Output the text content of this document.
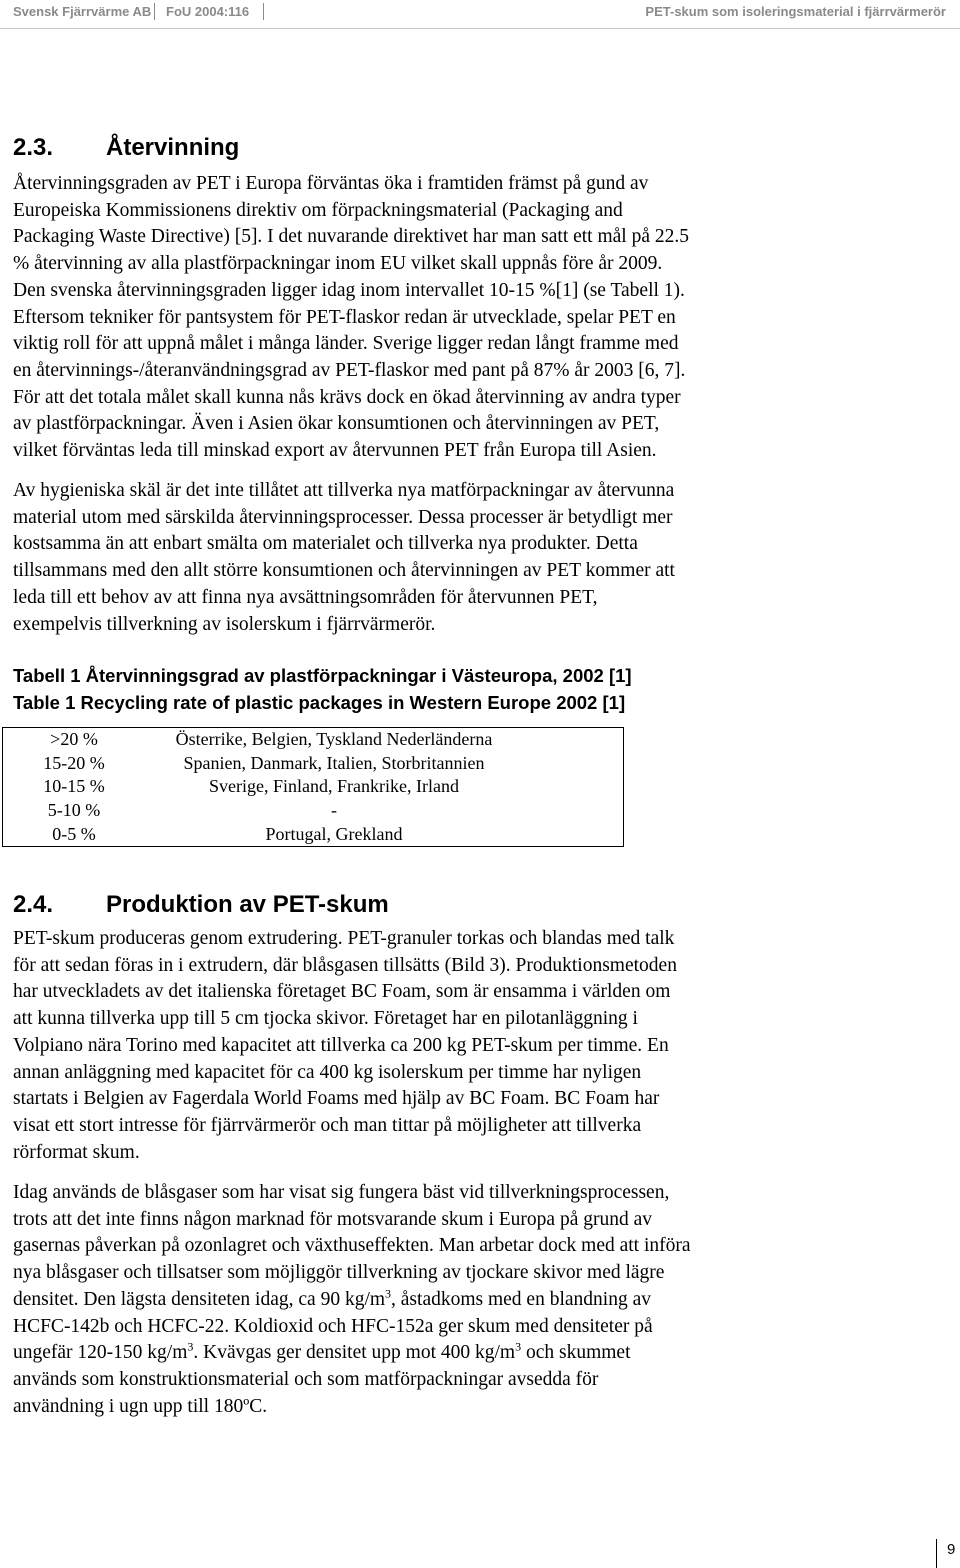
Svensk Fjärrvärme AB FoU 2004:116	PET-skum som isoleringsmaterial i fjärrvärmerör
2.3. Återvinning
Återvinningsgraden av PET i Europa förväntas öka i framtiden främst på gund av
Europeiska Kommissionens direktiv om förpackningsmaterial (Packaging and
Packaging Waste Directive) [5]. I det nuvarande direktivet har man satt ett mål på 22.5
% återvinning av alla plastförpackningar inom EU vilket skall uppnås före år 2009.
Den svenska återvinningsgraden ligger idag inom intervallet 10-15 %[1] (se Tabell 1).
Eftersom tekniker för pantsystem för PET-flaskor redan är utvecklade, spelar PET en
viktig roll för att uppnå målet i många länder. Sverige ligger redan långt framme med
en återvinnings-/återanvändningsgrad av PET-flaskor med pant på 87% år 2003 [6, 7].
För att det totala målet skall kunna nås krävs dock en ökad återvinning av andra typer
av plastförpackningar. Även i Asien ökar konsumtionen och återvinningen av PET,
vilket förväntas leda till minskad export av återvunnen PET från Europa till Asien.
Av hygieniska skäl är det inte tillåtet att tillverka nya matförpackningar av återvunna
material utom med särskilda återvinningsprocesser. Dessa processer är betydligt mer
kostsamma än att enbart smälta om materialet och tillverka nya produkter. Detta
tillsammans med den allt större konsumtionen och återvinningen av PET kommer att
leda till ett behov av att finna nya avsättningsområden för återvunnen PET,
exempelvis tillverkning av isolerskum i fjärrvärmerör.
Tabell 1 Återvinningsgrad av plastförpackningar i Västeuropa, 2002 [1]
Table 1 Recycling rate of plastic packages in Western Europe 2002 [1]
>20 %	Österrike, Belgien, Tyskland Nederländerna
15-20 %	Spanien, Danmark, Italien, Storbritannien
10-15 %	Sverige, Finland, Frankrike, Irland
5-10 %	-
0-5 %	Portugal, Grekland
2.4. Produktion av PET-skum
PET-skum produceras genom extrudering. PET-granuler torkas och blandas med talk
för att sedan föras in i extrudern, där blåsgasen tillsätts (Bild 3). Produktionsmetoden
har utveckladets av det italienska företaget BC Foam, som är ensamma i världen om
att kunna tillverka upp till 5 cm tjocka skivor. Företaget har en pilotanläggning i
Volpiano nära Torino med kapacitet att tillverka ca 200 kg PET-skum per timme. En
annan anläggning med kapacitet för ca 400 kg isolerskum per timme har nyligen
startats i Belgien av Fagerdala World Foams med hjälp av BC Foam. BC Foam har
visat ett stort intresse för fjärrvärmerör och man tittar på möjligheter att tillverka
rörformat skum.
Idag används de blåsgaser som har visat sig fungera bäst vid tillverkningsprocessen,
trots att det inte finns någon marknad för motsvarande skum i Europa på grund av
gasernas påverkan på ozonlagret och växthuseffekten. Man arbetar dock med att införa
nya blåsgaser och tillsatser som möjliggör tillverkning av tjockare skivor med lägre
densitet. Den lägsta densiteten idag, ca 90 $kg/m^3$, åstadkoms med en blandning av
HCFC-142b och HCFC-22. Koldioxid och HFC-152a ger skum med densiteter på
ungefär 120-150 $kg/m^3$. Kvävgas ger densitet upp mot 400 $kg/m^3$ och skummet
används som konstruktionsmaterial och som matförpackningar avsedda för
användning i ugn upp till 180ºC.
9
